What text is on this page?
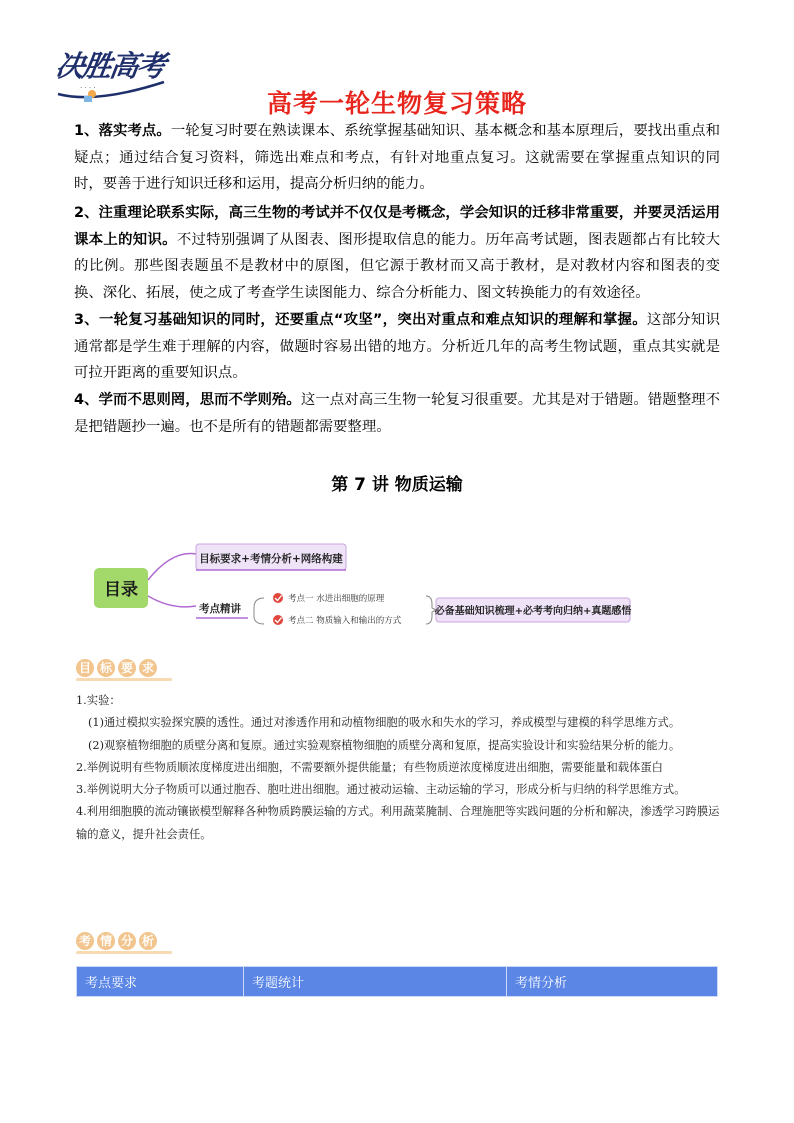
决胜高考
· · · ·
高考一轮生物复习策略

1、落实考点。一轮复习时要在熟读课本、系统掌握基础知识、基本概念和基本原理后，要找出重点和疑点；通过结合复习资料，筛选出难点和考点，有针对地重点复习。这就需要在掌握重点知识的同时，要善于进行知识迁移和运用，提高分析归纳的能力。

2、注重理论联系实际，高三生物的考试并不仅仅是考概念，学会知识的迁移非常重要，并要灵活运用课本上的知识。不过特别强调了从图表、图形提取信息的能力。历年高考试题，图表题都占有比较大的比例。那些图表题虽不是教材中的原图，但它源于教材而又高于教材，是对教材内容和图表的变换、深化、拓展，使之成了考查学生读图能力、综合分析能力、图文转换能力的有效途径。

3、一轮复习基础知识的同时，还要重点“攻坚”，突出对重点和难点知识的理解和掌握。这部分知识通常都是学生难于理解的内容，做题时容易出错的地方。分析近几年的高考生物试题，重点其实就是可拉开距离的重要知识点。

4、学而不思则罔，思而不学则殆。这一点对高三生物一轮复习很重要。尤其是对于错题。错题整理不是把错题抄一遍。也不是所有的错题都需要整理。

第 7 讲 物质运输
目录
目标要求+考情分析+网络构建
考点精讲
考点一 水进出细胞的原理
考点二 物质输入和输出的方式
必备基础知识梳理+必考考向归纳+真题感悟
目 标 要 求

1.实验：

(1)通过模拟实验探究膜的透性。通过对渗透作用和动植物细胞的吸水和失水的学习，养成模型与建模的科学思维方式。

(2)观察植物细胞的质壁分离和复原。通过实验观察植物细胞的质壁分离和复原，提高实验设计和实验结果分析的能力。

2.举例说明有些物质顺浓度梯度进出细胞，不需要额外提供能量；有些物质逆浓度梯度进出细胞，需要能量和载体蛋白

3.举例说明大分子物质可以通过胞吞、胞吐进出细胞。通过被动运输、主动运输的学习，形成分析与归纳的科学思维方式。

4.利用细胞膜的流动镶嵌模型解释各种物质跨膜运输的方式。利用蔬菜腌制、合理施肥等实践问题的分析和解决，渗透学习跨膜运输的意义，提升社会责任。

考 情 分 析
考点要求	考题统计	考情分析
